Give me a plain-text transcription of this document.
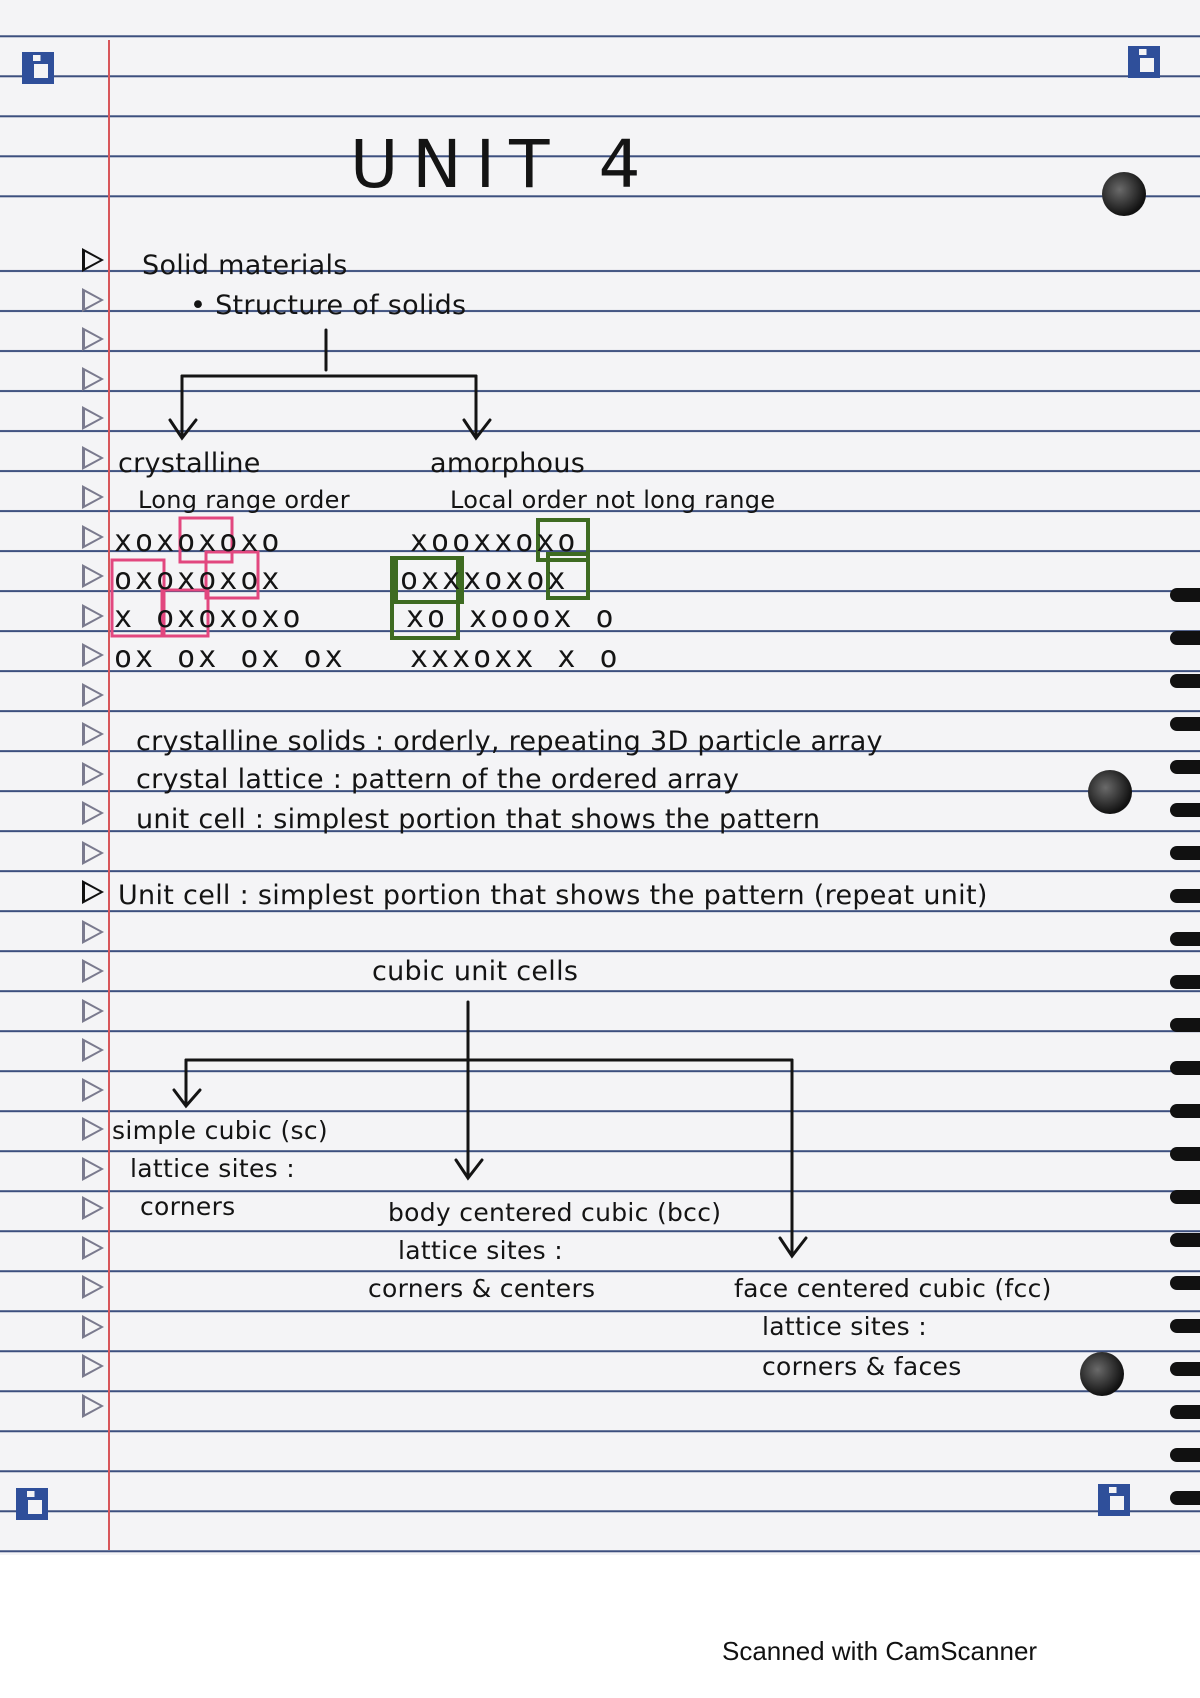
UNIT 4
Solid materials
• Structure of solids
crystalline
Long range order
xoxoxoxo
oxoxoxox
x oxoxoxo
ox ox ox ox
amorphous
Local order not long range
xooxxoxo
oxxxoxox
xo xooox o
xxxoxx x o
crystalline solids : orderly, repeating 3D particle array
crystal lattice : pattern of the ordered array
unit cell : simplest portion that shows the pattern
Unit cell : simplest portion that shows the pattern (repeat unit)
cubic unit cells
simple cubic (sc)
lattice sites :
corners	body centered cubic (bcc)
lattice sites :
corners & centers	face centered cubic (fcc)
lattice sites :
corners & faces
Scanned with CamScanner
